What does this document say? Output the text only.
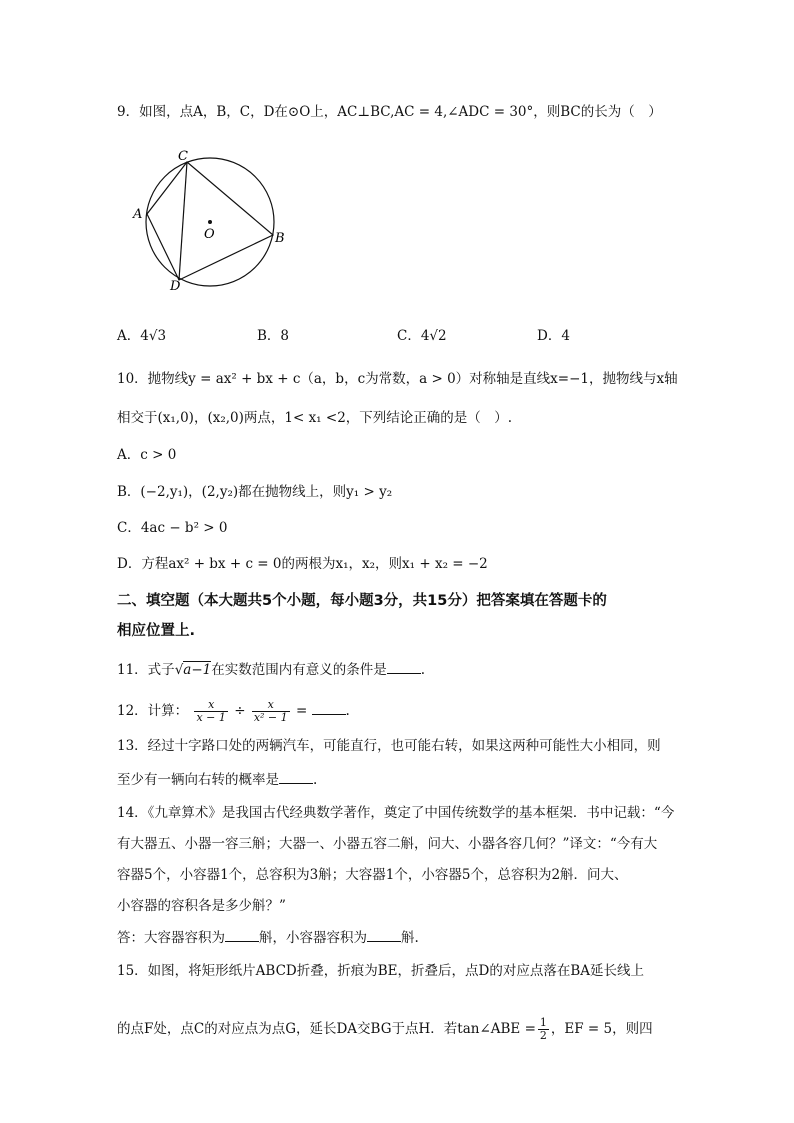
9．如图，点A，B，C，D在⊙O上，AC⊥BC,AC = 4,∠ADC = 30°，则BC的长为（　）
C
A
O	B
D
A．4√3	B．8	C．4√2	D．4
10．抛物线y = ax² + bx + c（a，b，c为常数，a > 0）对称轴是直线x=−1，抛物线与x轴
相交于(x₁,0)，(x₂,0)两点，1< x₁ <2，下列结论正确的是（　）.
A．c > 0
B．(−2,y₁)，(2,y₂)都在抛物线上，则y₁ > y₂
C．4ac − b² > 0
D．方程ax² + bx + c = 0的两根为x₁，x₂，则x₁ + x₂ = −2
二、填空题（本大题共5个小题，每小题3分，共15分）把答案填在答题卡的
相应位置上.
11．式子√a−1在实数范围内有意义的条件是	.
12．计算： $\frac{x}{x - 1} \div \frac{x}{\text{x² − 1}}$ =	.
13．经过十字路口处的两辆汽车，可能直行，也可能右转，如果这两种可能性大小相同，则
至少有一辆向右转的概率是	.
14．《九章算术》是我国古代经典数学著作，奠定了中国传统数学的基本框架．书中记载：“今
有大器五、小器一容三斛；大器一、小器五容二斛，问大、小器各容几何？”译文：“今有大
容器5个，小容器1个，总容积为3斛；大容器1个，小容器5个，总容积为2斛．问大、
小容器的容积各是多少斛？”
答：大容器容积为	斛，小容器容积为	斛.
15．如图，将矩形纸片ABCD折叠，折痕为BE，折叠后，点D的对应点落在BA延长线上
的点F处，点C的对应点为点G，延长DA交BG于点H．若tan∠ABE = $\frac{1}{2}$ ，EF = 5，则四
